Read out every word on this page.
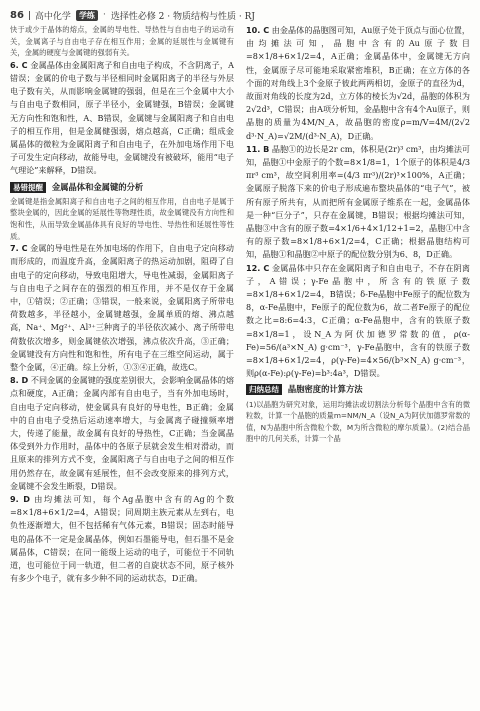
86 高中化学	学练 · 选择性必修 2 · 物质结构与性质 · RJ

快于或少于晶体的熔点，金属的导电性、导热性与自由电子的运动有关，金属离子与自由电子存在相互作用；金属的延展性与金属键有关，金属的硬度与金属键的强弱有关。

6. C 金属晶体由金属阳离子和自由电子构成，不含阴离子，A错误；金属的价电子数与半径相同时金属阳离子的半径与外层电子数有关，从而影响金属键的强弱，但是在三个金属中大小与自由电子数相同，原子半径小，金属键强，B错误；金属键无方向性和饱和性，A、B错误，金属键与金属阳离子和自由电子的相互作用，但是金属健强弱，熔点越高，C正确；组成金属晶体的微粒为金属阳离子和自由电子，在外加电场作用下电子可发生定向移动，故能导电，金属键没有被破坏，能用“电子气理论”来解释，D错误。

易错提醒 金属晶体和金属键的分析

金属键是指金属阳离子和自由电子之间的相互作用，自由电子是属于整块金属的，因此金属的延展性等物理性质，故金属键没有方向性和饱和性，从而导致金属晶体具有良好的导电性、导热性和延展性等性质。

7. C 金属的导电性是在外加电场的作用下，自由电子定向移动而形成的，而温度升高，金属阳离子的热运动加剧，阻碍了自由电子的定向移动，导致电阻增大，导电性减弱，金属阳离子与自由电子之间存在的强烈的相互作用，并不是仅存于金属中，①错误；②正确；③错误，一般来说，金属阳离子所带电荷数越多，半径越小，金属键越强，金属单质的熔、沸点越高，Na⁺、Mg²⁺、Al³⁺三种离子的半径依次减小、离子所带电荷数依次增多，则金属键依次增强，沸点依次升高，③正确；金属键没有方向性和饱和性，所有电子在三维空间运动，属于整个金属，④正确。综上分析，①③④正确，故选C。

8. D 不同金属的金属键的强度差别很大，会影响金属晶体的熔点和硬度，A正确；金属内部有自由电子，当有外加电场时，自由电子定向移动，使金属具有良好的导电性，B正确；金属中的自由电子受热后运动速率增大，与金属离子碰撞频率增大，传递了能量，故金属有良好的导热性，C正确；当金属晶体受到外力作用时，晶体中的各原子层就会发生相对滑动，而且原来的排列方式不变，金属阳离子与自由电子之间的相互作用仍然存在，故金属有延展性，但不会改变原来的排列方式，金属键不会发生断裂，D错误。

9. D 由均摊法可知，每个Ag晶胞中含有的Ag的个数=8×1/8+6×1/2=4，A错误；同周期主族元素从左到右，电负性逐渐增大，但不包括稀有气体元素，B错误；固态时能导电的晶体不一定是金属晶体，例如石墨能导电，但石墨不是金属晶体，C错误；在同一能级上运动的电子，可能位于不同轨道，也可能位于同一轨道，但二者的自旋状态不同，原子核外有多少个电子，就有多少种不同的运动状态，D正确。

10. C 由金晶体的晶胞图可知，Au原子处于顶点与面心位置，由均摊法可知，晶胞中含有的Au原子数目=8×1/8+6×1/2=4，A正确；金属晶体中，金属键无方向性，金属原子尽可能地采取紧密堆积，B正确；在立方体的各个面的对角线上3个金原子彼此两两相切，金原子的直径为d，故面对角线的长度为2d，立方体的棱长为√2d，晶胞的体积为2√2d³，C错误；由A项分析知，金晶胞中含有4个Au原子，则晶胞的质量为4M/N_A，故晶胞的密度ρ=m/V=4M/(2√2 d³·N_A)=√2M/(d³·N_A)，D正确。

11. B 晶胞①的边长是2r cm，体积是(2r)³ cm³，由均摊法可知，晶胞①中金原子的个数=8×1/8=1，1个原子的体积是4/3 πr³ cm³，故空间利用率=(4/3 πr³)/(2r)³×100%，A正确；金属原子脱落下来的价电子形成遍布整块晶体的“电子气”，被所有原子所共有，从而把所有金属原子维系在一起，金属晶体是一种“巨分子”，只存在金属键，B错误；根据均摊法可知，晶胞③中含有的原子数=4×1/6+4×1/12+1=2，晶胞①中含有的原子数=8×1/8+6×1/2=4，C正确；根据晶胞结构可知，晶胞①和晶胞②中原子的配位数分别为6、8，D正确。

12. C 金属晶体中只存在金属阳离子和自由电子，不存在阴离子，A错误；γ-Fe晶胞中，所含有的铁原子数=8×1/8+6×1/2=4，B错误；δ-Fe晶胞中Fe原子的配位数为8，α-Fe晶胞中，Fe原子的配位数为6，故二者Fe原子的配位数之比=8:6=4:3，C正确；α-Fe晶胞中，含有的铁原子数=8×1/8=1，设N_A为阿伏加德罗常数的值，ρ(α-Fe)=56/(a³×N_A) g·cm⁻³，γ-Fe晶胞中，含有的铁原子数=8×1/8+6×1/2=4，ρ(γ-Fe)=4×56/(b³×N_A) g·cm⁻³，则ρ(α-Fe):ρ(γ-Fe)=b³:4a³，D错误。

归纳总结 晶胞密度的计算方法

(1)以晶胞为研究对象，运用均摊法或切割法分析每个晶胞中含有的微粒数，计算一个晶胞的质量m=NM/N_A（设N_A为阿伏加德罗常数的值，N为晶胞中所含微粒个数，M为所含微粒的摩尔质量）。(2)结合晶胞中的几何关系，计算一个晶
